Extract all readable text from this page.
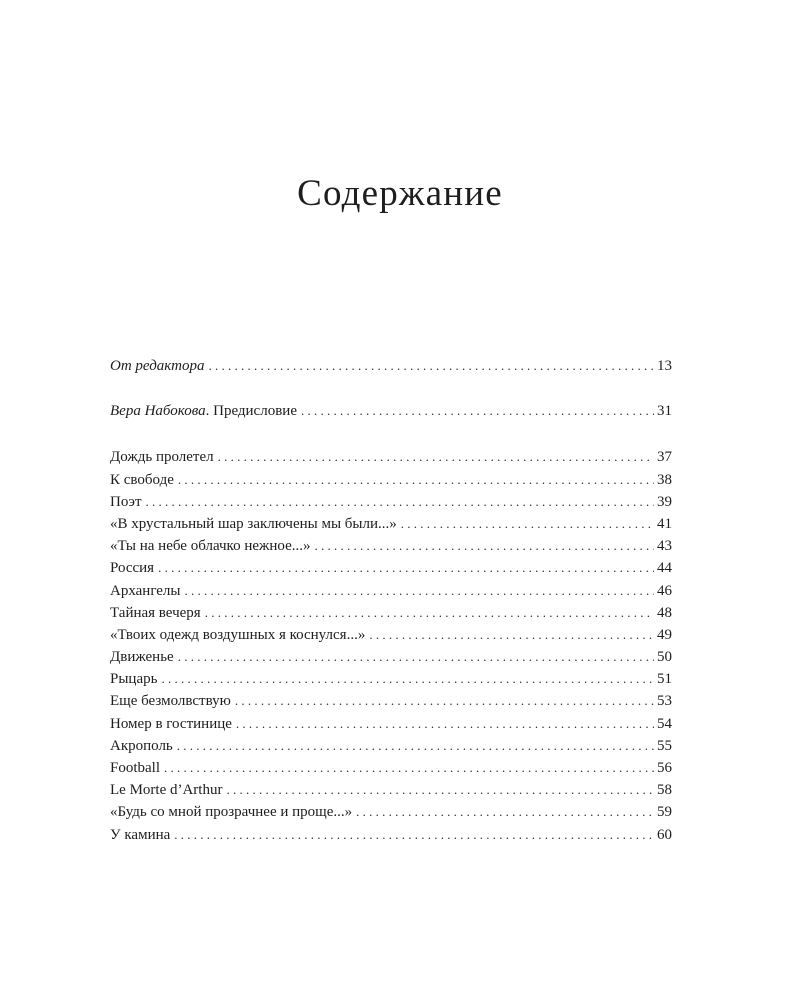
Содержание
От редактора . . .	13
Вера Набокова. Предисловие . . .	31
Дождь пролетел . . .	37
К свободе . . .	38
Поэт . . .	39
«В хрустальный шар заключены мы были...» . . .	41
«Ты на небе облачко нежное...» . . .	43
Россия . . .	44
Архангелы . . .	46
Тайная вечеря . . .	48
«Твоих одежд воздушных я коснулся...» . . .	49
Движенье . . .	50
Рыцарь . . .	51
Еще безмолвствую . . .	53
Номер в гостинице . . .	54
Акрополь . . .	55
Football . . .	56
Le Morte d’Arthur . . .	58
«Будь со мной прозрачнее и проще...» . . .	59
У камина . . .	60
